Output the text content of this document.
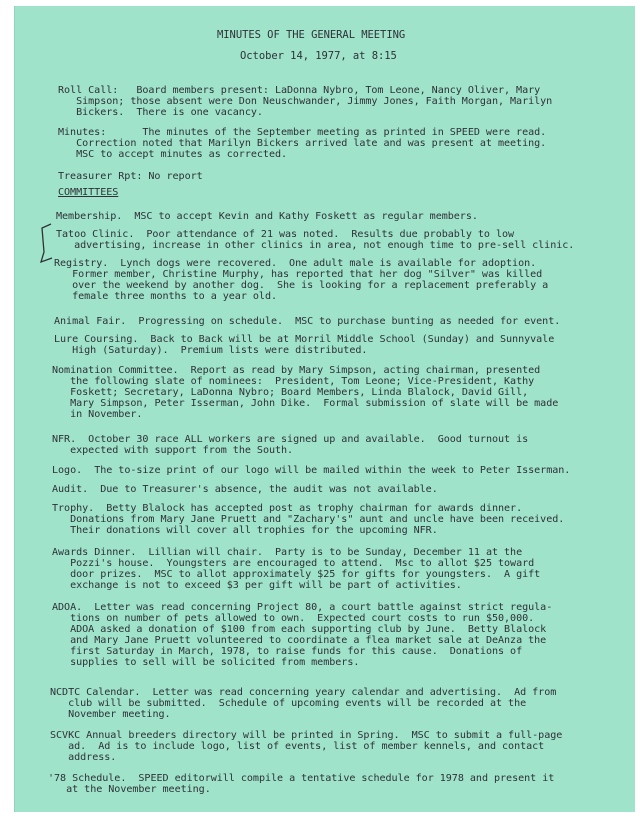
MINUTES OF THE GENERAL MEETING
October 14, 1977, at 8:15
Roll Call:   Board members present: LaDonna Nybro, Tom Leone, Nancy Oliver, Mary
Simpson; those absent were Don Neuschwander, Jimmy Jones, Faith Morgan, Marilyn
Bickers.  There is one vacancy.
Minutes:      The minutes of the September meeting as printed in SPEED were read.
Correction noted that Marilyn Bickers arrived late and was present at meeting.
MSC to accept minutes as corrected.
Treasurer Rpt: No report
COMMITTEES
Membership.  MSC to accept Kevin and Kathy Foskett as regular members.
Tatoo Clinic.  Poor attendance of 21 was noted.  Results due probably to low
advertising, increase in other clinics in area, not enough time to pre-sell clinic.
Registry.  Lynch dogs were recovered.  One adult male is available for adoption.
Former member, Christine Murphy, has reported that her dog "Silver" was killed
over the weekend by another dog.  She is looking for a replacement preferably a
female three months to a year old.
Animal Fair.  Progressing on schedule.  MSC to purchase bunting as needed for event.
Lure Coursing.  Back to Back will be at Morril Middle School (Sunday) and Sunnyvale
High (Saturday).  Premium lists were distributed.
Nomination Committee.  Report as read by Mary Simpson, acting chairman, presented
the following slate of nominees:  President, Tom Leone; Vice-President, Kathy
Foskett; Secretary, LaDonna Nybro; Board Members, Linda Blalock, David Gill,
Mary Simpson, Peter Isserman, John Dike.  Formal submission of slate will be made
in November.
NFR.  October 30 race ALL workers are signed up and available.  Good turnout is
expected with support from the South.
Logo.  The to-size print of our logo will be mailed within the week to Peter Isserman.
Audit.  Due to Treasurer's absence, the audit was not available.
Trophy.  Betty Blalock has accepted post as trophy chairman for awards dinner.
Donations from Mary Jane Pruett and "Zachary's" aunt and uncle have been received.
Their donations will cover all trophies for the upcoming NFR.
Awards Dinner.  Lillian will chair.  Party is to be Sunday, December 11 at the
Pozzi's house.  Youngsters are encouraged to attend.  Msc to allot $25 toward
door prizes.  MSC to allot approximately $25 for gifts for youngsters.  A gift
exchange is not to exceed $3 per gift will be part of activities.
ADOA.  Letter was read concerning Project 80, a court battle against strict regula-
tions on number of pets allowed to own.  Expected court costs to run $50,000.
ADOA asked a donation of $100 from each supporting club by June.  Betty Blalock
and Mary Jane Pruett volunteered to coordinate a flea market sale at DeAnza the
first Saturday in March, 1978, to raise funds for this cause.  Donations of
supplies to sell will be solicited from members.
NCDTC Calendar.  Letter was read concerning yeary calendar and advertising.  Ad from
club will be submitted.  Schedule of upcoming events will be recorded at the
November meeting.
SCVKC Annual breeders directory will be printed in Spring.  MSC to submit a full-page
ad.  Ad is to include logo, list of events, list of member kennels, and contact
address.
'78 Schedule.  SPEED editorwill compile a tentative schedule for 1978 and present it
at the November meeting.
